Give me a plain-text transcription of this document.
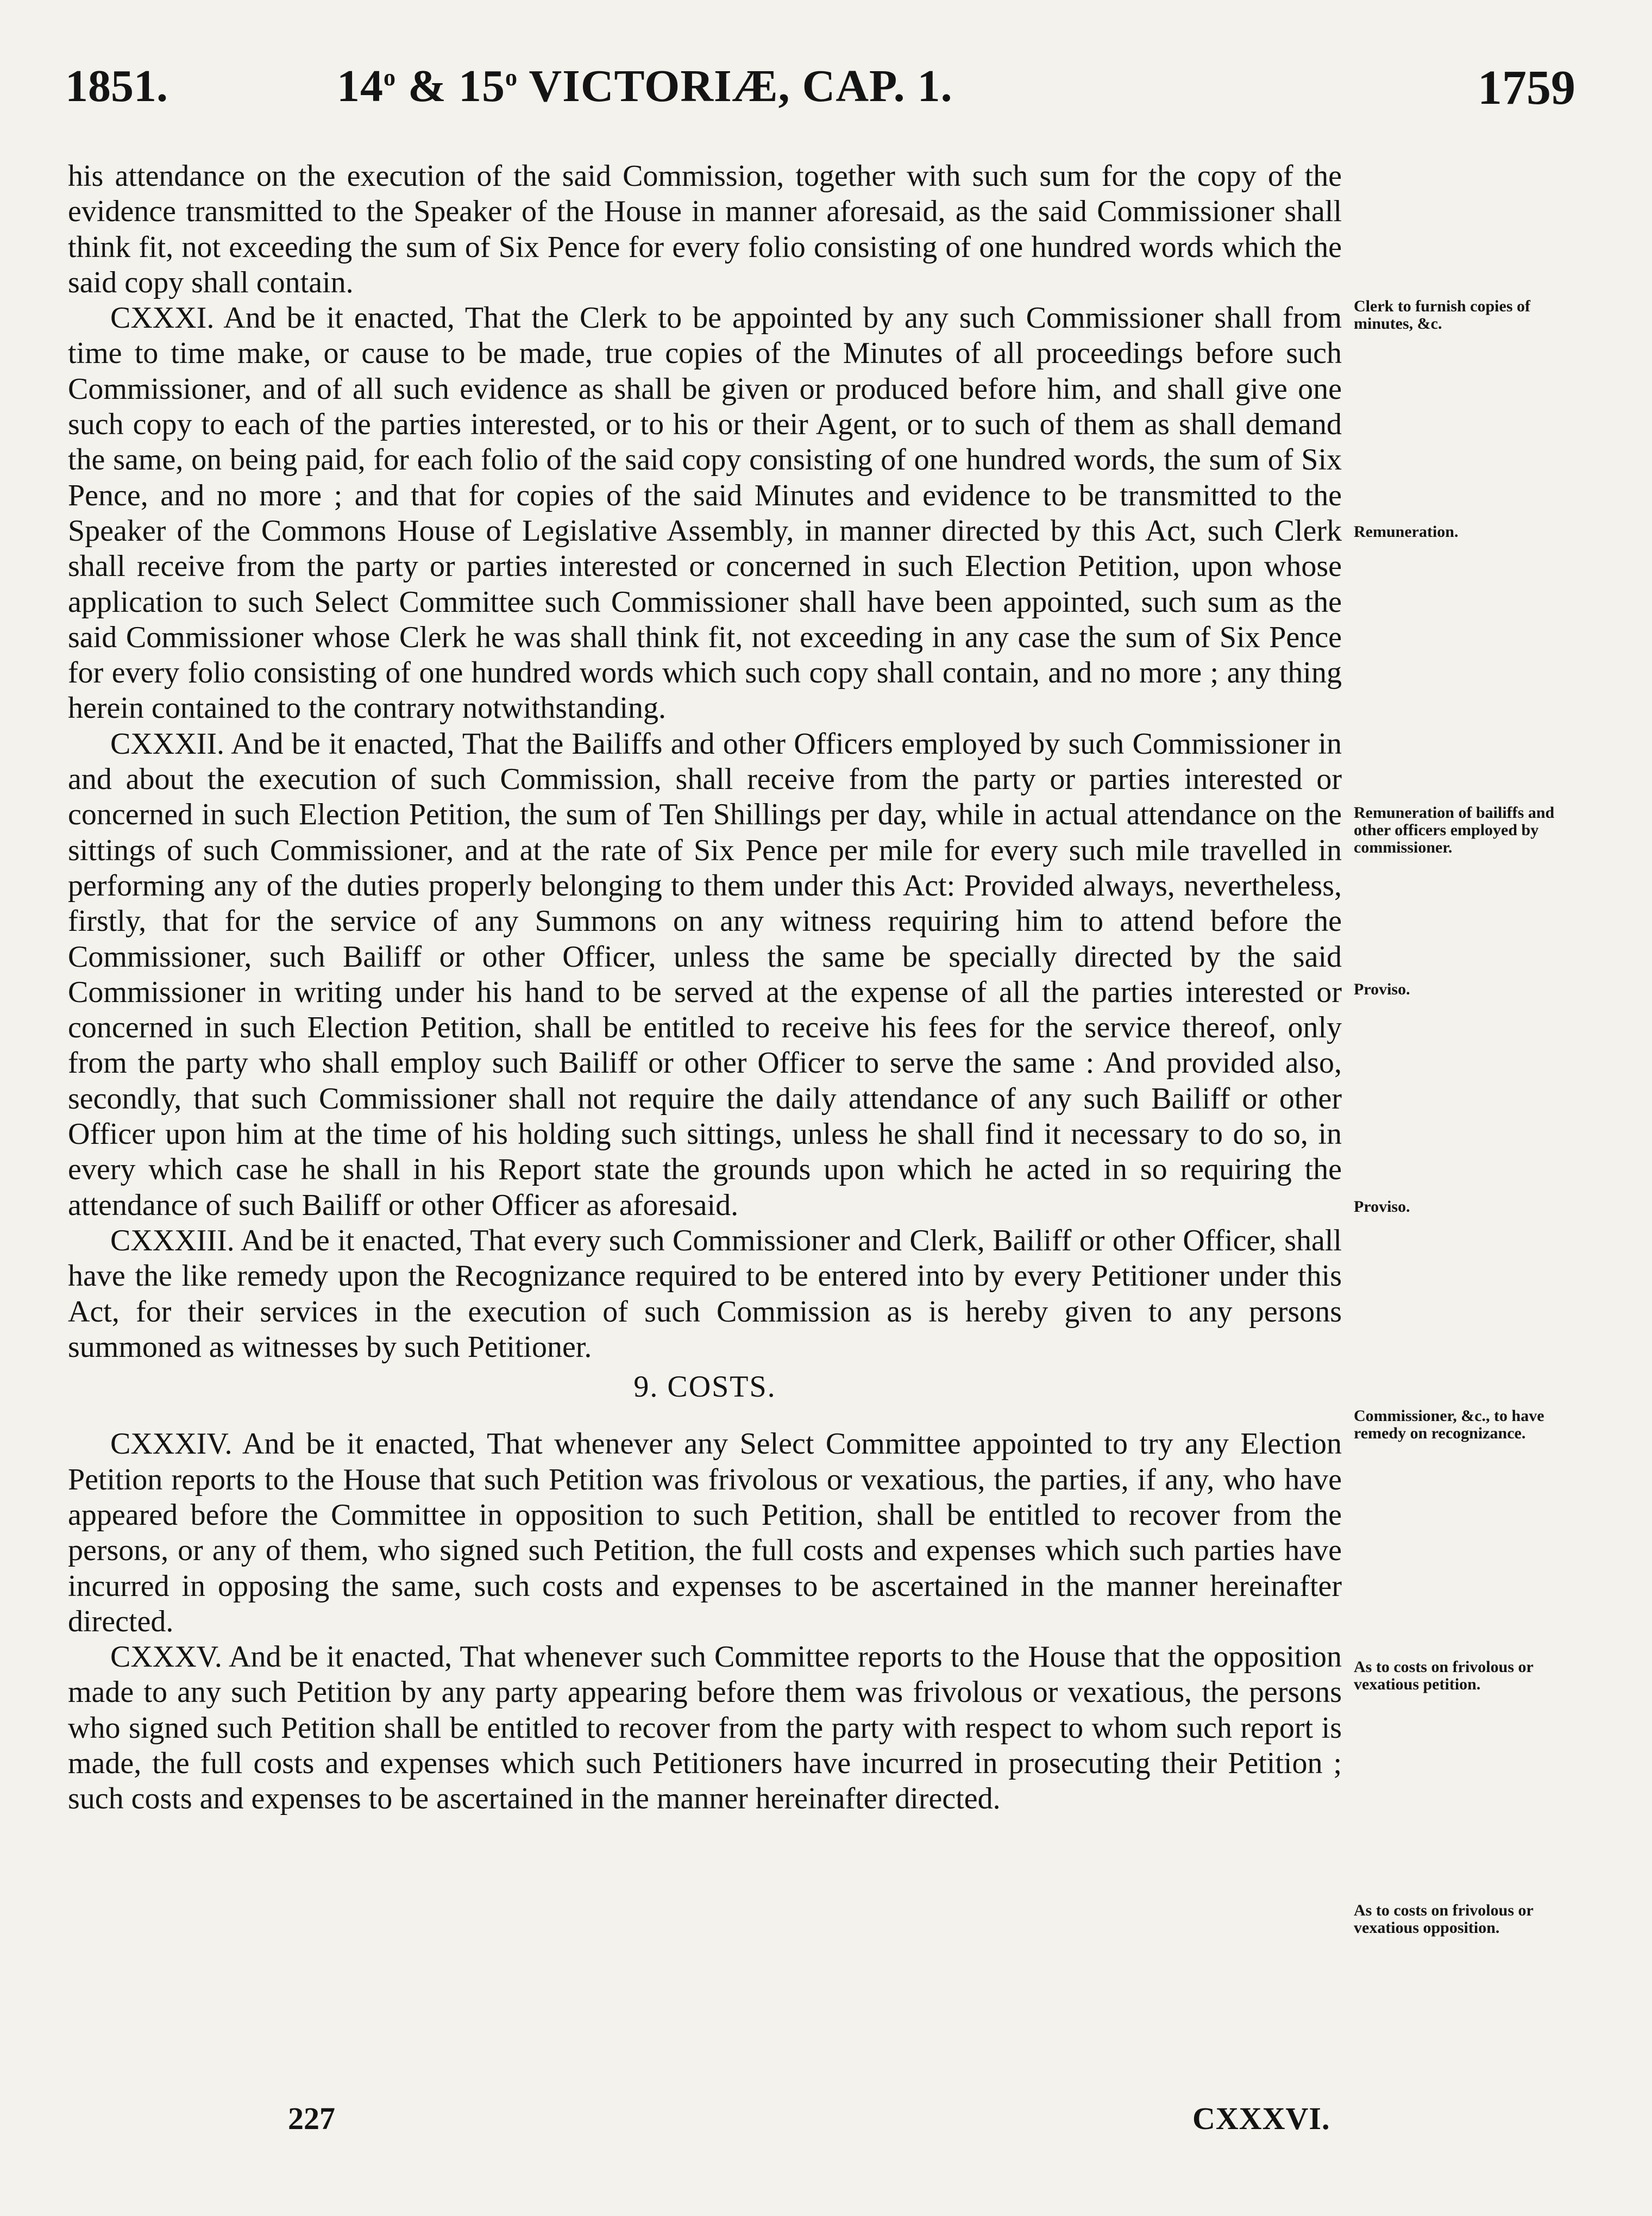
1851.	14$^o$ & 15$^o$ VICTORIÆ, CAP. 1.	1759

his attendance on the execution of the said Commission, together with such sum for the copy of the evidence transmitted to the Speaker of the House in manner aforesaid, as the said Commissioner shall think fit, not exceeding the sum of Six Pence for every folio consisting of one hundred words which the said copy shall contain.

CXXXI. And be it enacted, That the Clerk to be appointed by any such Commissioner shall from time to time make, or cause to be made, true copies of the Minutes of all proceedings before such Commissioner, and of all such evidence as shall be given or produced before him, and shall give one such copy to each of the parties interested, or to his or their Agent, or to such of them as shall demand the same, on being paid, for each folio of the said copy consisting of one hundred words, the sum of Six Pence, and no more ; and that for copies of the said Minutes and evidence to be transmitted to the Speaker of the Commons House of Legislative Assembly, in manner directed by this Act, such Clerk shall receive from the party or parties interested or concerned in such Election Petition, upon whose application to such Select Committee such Commissioner shall have been appointed, such sum as the said Commissioner whose Clerk he was shall think fit, not exceeding in any case the sum of Six Pence for every folio consisting of one hundred words which such copy shall contain, and no more ; any thing herein contained to the contrary notwithstanding.

CXXXII. And be it enacted, That the Bailiffs and other Officers employed by such Commissioner in and about the execution of such Commission, shall receive from the party or parties interested or concerned in such Election Petition, the sum of Ten Shillings per day, while in actual attendance on the sittings of such Commissioner, and at the rate of Six Pence per mile for every such mile travelled in performing any of the duties properly belonging to them under this Act: Provided always, nevertheless, firstly, that for the service of any Summons on any witness requiring him to attend before the Commissioner, such Bailiff or other Officer, unless the same be specially directed by the said Commissioner in writing under his hand to be served at the expense of all the parties interested or concerned in such Election Petition, shall be entitled to receive his fees for the service thereof, only from the party who shall employ such Bailiff or other Officer to serve the same : And provided also, secondly, that such Commissioner shall not require the daily attendance of any such Bailiff or other Officer upon him at the time of his holding such sittings, unless he shall find it necessary to do so, in every which case he shall in his Report state the grounds upon which he acted in so requiring the attendance of such Bailiff or other Officer as aforesaid.

CXXXIII. And be it enacted, That every such Commissioner and Clerk, Bailiff or other Officer, shall have the like remedy upon the Recognizance required to be entered into by every Petitioner under this Act, for their services in the execution of such Commission as is hereby given to any persons summoned as witnesses by such Petitioner.

9. COSTS.

CXXXIV. And be it enacted, That whenever any Select Committee appointed to try any Election Petition reports to the House that such Petition was frivolous or vexatious, the parties, if any, who have appeared before the Committee in opposition to such Petition, shall be entitled to recover from the persons, or any of them, who signed such Petition, the full costs and expenses which such parties have incurred in opposing the same, such costs and expenses to be ascertained in the manner hereinafter directed.

CXXXV. And be it enacted, That whenever such Committee reports to the House that the opposition made to any such Petition by any party appearing before them was frivolous or vexatious, the persons who signed such Petition shall be entitled to recover from the party with respect to whom such report is made, the full costs and expenses which such Petitioners have incurred in prosecuting their Petition ; such costs and expenses to be ascertained in the manner hereinafter directed.

Clerk to furnish copies of minutes, &c.
Remuneration.
Remuneration of bailiffs and other officers employed by commissioner.
Proviso.
Proviso.
Commissioner, &c., to have remedy on recognizance.
As to costs on frivolous or vexatious petition.
As to costs on frivolous or vexatious opposition.
227	CXXXVI.
